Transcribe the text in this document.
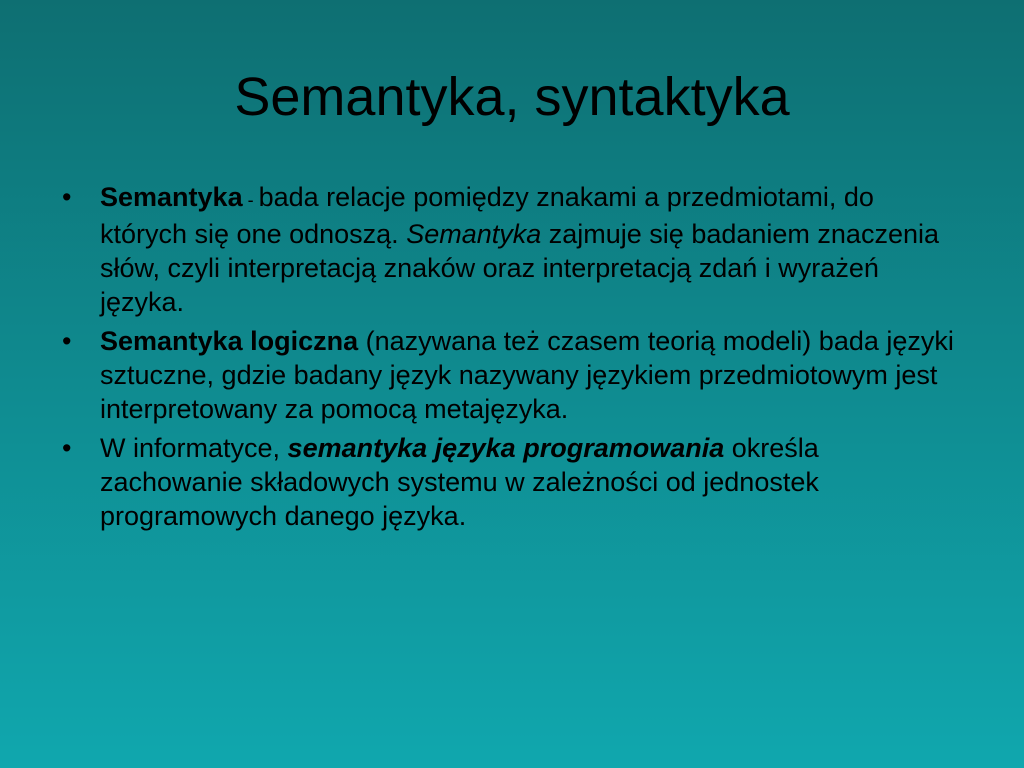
Semantyka, syntaktyka
• Semantyka - bada relacje pomiędzy znakami a przedmiotami, do których się one odnoszą. Semantyka zajmuje się badaniem znaczenia słów, czyli interpretacją znaków oraz interpretacją zdań i wyrażeń języka.
• Semantyka logiczna (nazywana też czasem teorią modeli) bada języki sztuczne, gdzie badany język nazywany językiem przedmiotowym jest interpretowany za pomocą metajęzyka.
• W informatyce, semantyka języka programowania określa zachowanie składowych systemu w zależności od jednostek programowych danego języka.
